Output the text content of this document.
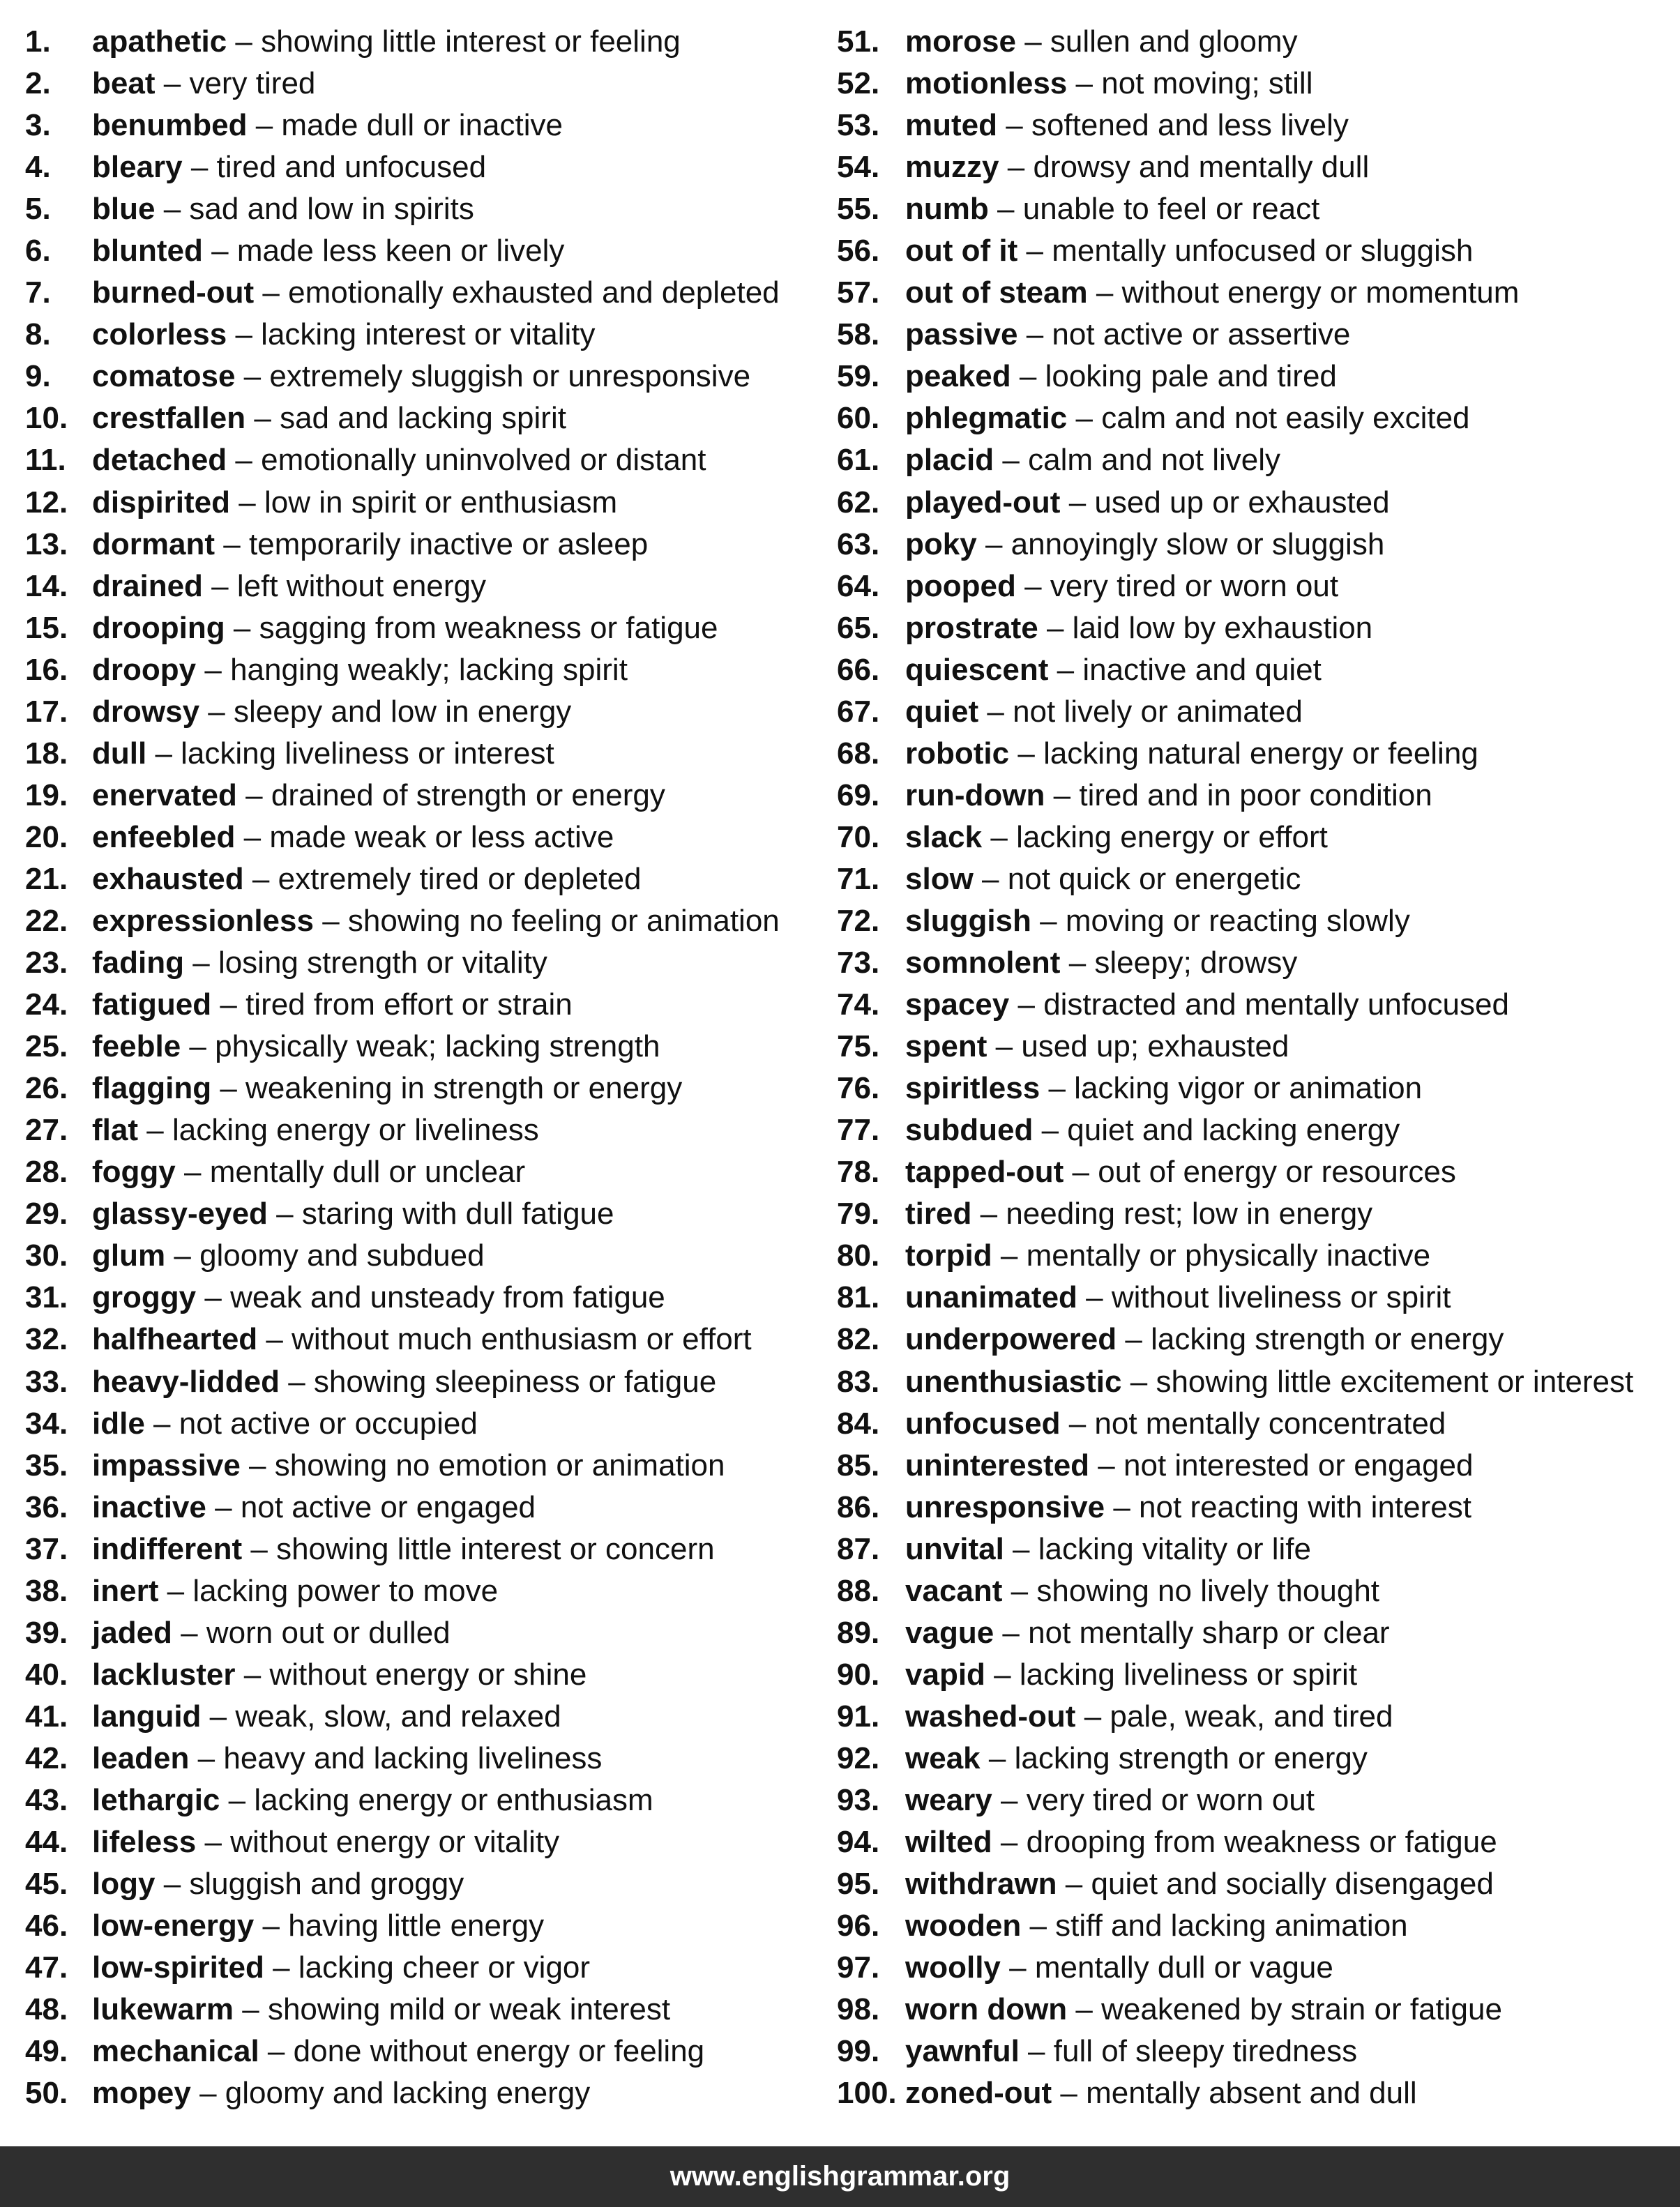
1. apathetic – showing little interest or feeling
2. beat – very tired
3. benumbed – made dull or inactive
4. bleary – tired and unfocused
5. blue – sad and low in spirits
6. blunted – made less keen or lively
7. burned-out – emotionally exhausted and depleted
8. colorless – lacking interest or vitality
9. comatose – extremely sluggish or unresponsive
10. crestfallen – sad and lacking spirit
11. detached – emotionally uninvolved or distant
12. dispirited – low in spirit or enthusiasm
13. dormant – temporarily inactive or asleep
14. drained – left without energy
15. drooping – sagging from weakness or fatigue
16. droopy – hanging weakly; lacking spirit
17. drowsy – sleepy and low in energy
18. dull – lacking liveliness or interest
19. enervated – drained of strength or energy
20. enfeebled – made weak or less active
21. exhausted – extremely tired or depleted
22. expressionless – showing no feeling or animation
23. fading – losing strength or vitality
24. fatigued – tired from effort or strain
25. feeble – physically weak; lacking strength
26. flagging – weakening in strength or energy
27. flat – lacking energy or liveliness
28. foggy – mentally dull or unclear
29. glassy-eyed – staring with dull fatigue
30. glum – gloomy and subdued
31. groggy – weak and unsteady from fatigue
32. halfhearted – without much enthusiasm or effort
33. heavy-lidded – showing sleepiness or fatigue
34. idle – not active or occupied
35. impassive – showing no emotion or animation
36. inactive – not active or engaged
37. indifferent – showing little interest or concern
38. inert – lacking power to move
39. jaded – worn out or dulled
40. lackluster – without energy or shine
41. languid – weak, slow, and relaxed
42. leaden – heavy and lacking liveliness
43. lethargic – lacking energy or enthusiasm
44. lifeless – without energy or vitality
45. logy – sluggish and groggy
46. low-energy – having little energy
47. low-spirited – lacking cheer or vigor
48. lukewarm – showing mild or weak interest
49. mechanical – done without energy or feeling
50. mopey – gloomy and lacking energy
51. morose – sullen and gloomy
52. motionless – not moving; still
53. muted – softened and less lively
54. muzzy – drowsy and mentally dull
55. numb – unable to feel or react
56. out of it – mentally unfocused or sluggish
57. out of steam – without energy or momentum
58. passive – not active or assertive
59. peaked – looking pale and tired
60. phlegmatic – calm and not easily excited
61. placid – calm and not lively
62. played-out – used up or exhausted
63. poky – annoyingly slow or sluggish
64. pooped – very tired or worn out
65. prostrate – laid low by exhaustion
66. quiescent – inactive and quiet
67. quiet – not lively or animated
68. robotic – lacking natural energy or feeling
69. run-down – tired and in poor condition
70. slack – lacking energy or effort
71. slow – not quick or energetic
72. sluggish – moving or reacting slowly
73. somnolent – sleepy; drowsy
74. spacey – distracted and mentally unfocused
75. spent – used up; exhausted
76. spiritless – lacking vigor or animation
77. subdued – quiet and lacking energy
78. tapped-out – out of energy or resources
79. tired – needing rest; low in energy
80. torpid – mentally or physically inactive
81. unanimated – without liveliness or spirit
82. underpowered – lacking strength or energy
83. unenthusiastic – showing little excitement or interest
84. unfocused – not mentally concentrated
85. uninterested – not interested or engaged
86. unresponsive – not reacting with interest
87. unvital – lacking vitality or life
88. vacant – showing no lively thought
89. vague – not mentally sharp or clear
90. vapid – lacking liveliness or spirit
91. washed-out – pale, weak, and tired
92. weak – lacking strength or energy
93. weary – very tired or worn out
94. wilted – drooping from weakness or fatigue
95. withdrawn – quiet and socially disengaged
96. wooden – stiff and lacking animation
97. woolly – mentally dull or vague
98. worn down – weakened by strain or fatigue
99. yawnful – full of sleepy tiredness
100. zoned-out – mentally absent and dull
www.englishgrammar.org
